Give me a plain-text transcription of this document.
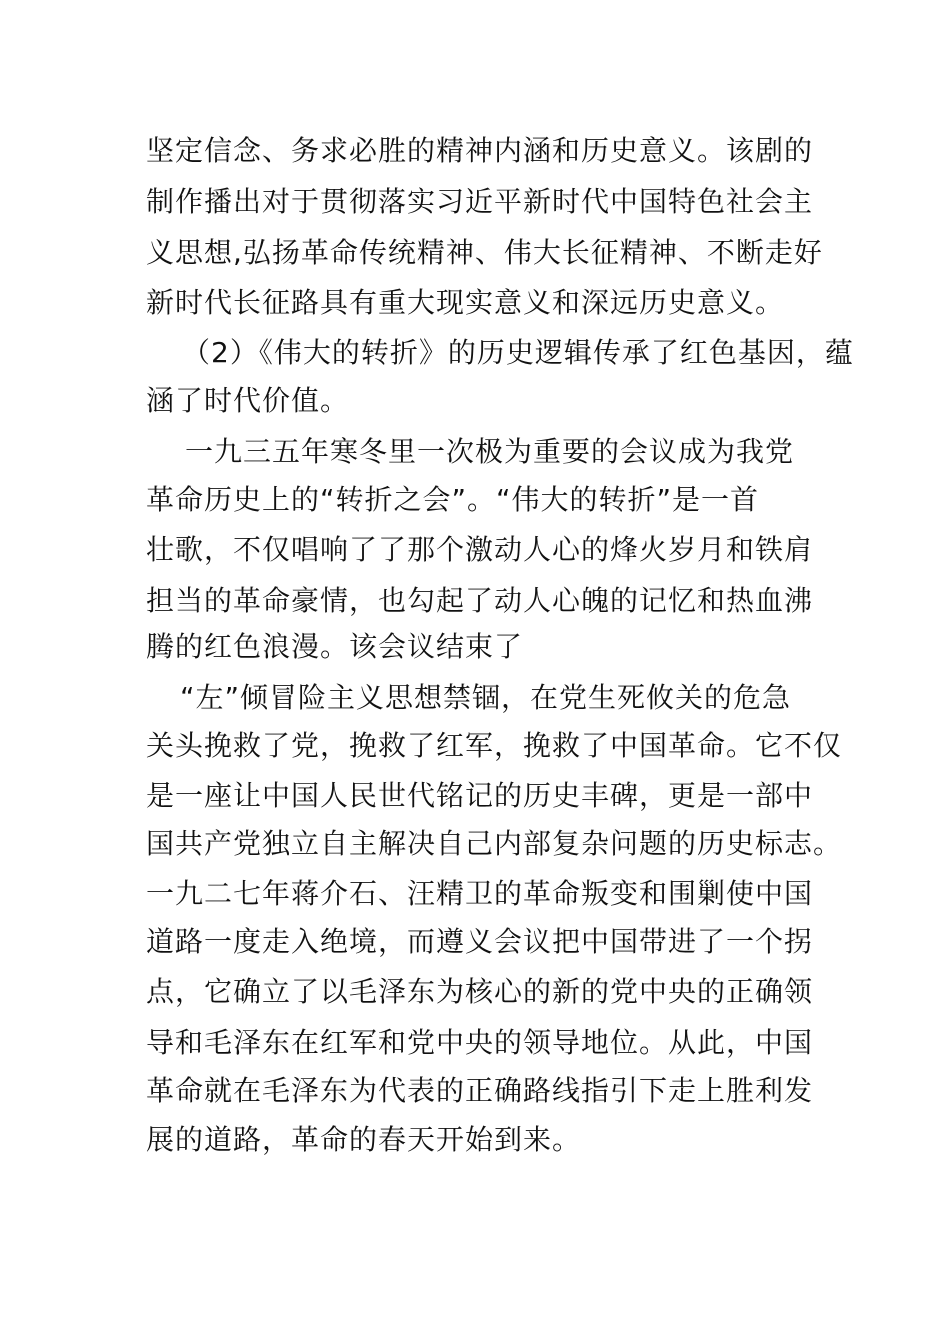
坚定信念、务求必胜的精神内涵和历史意义。该剧的
制作播出对于贯彻落实习近平新时代中国特色社会主
义思想,弘扬革命传统精神、伟大长征精神、不断走好
新时代长征路具有重大现实意义和深远历史意义。
（2）《伟大的转折》的历史逻辑传承了红色基因，蕴
涵了时代价值。
一九三五年寒冬里一次极为重要的会议成为我党
革命历史上的“转折之会”。“伟大的转折”是一首
壮歌，不仅唱响了了那个激动人心的烽火岁月和铁肩
担当的革命豪情，也勾起了动人心魄的记忆和热血沸
腾的红色浪漫。该会议结束了
“左”倾冒险主义思想禁锢，在党生死攸关的危急
关头挽救了党，挽救了红军，挽救了中国革命。它不仅
是一座让中国人民世代铭记的历史丰碑，更是一部中
国共产党独立自主解决自己内部复杂问题的历史标志。
一九二七年蒋介石、汪精卫的革命叛变和围剿使中国
道路一度走入绝境，而遵义会议把中国带进了一个拐
点，它确立了以毛泽东为核心的新的党中央的正确领
导和毛泽东在红军和党中央的领导地位。从此，中国
革命就在毛泽东为代表的正确路线指引下走上胜利发
展的道路，革命的春天开始到来。
